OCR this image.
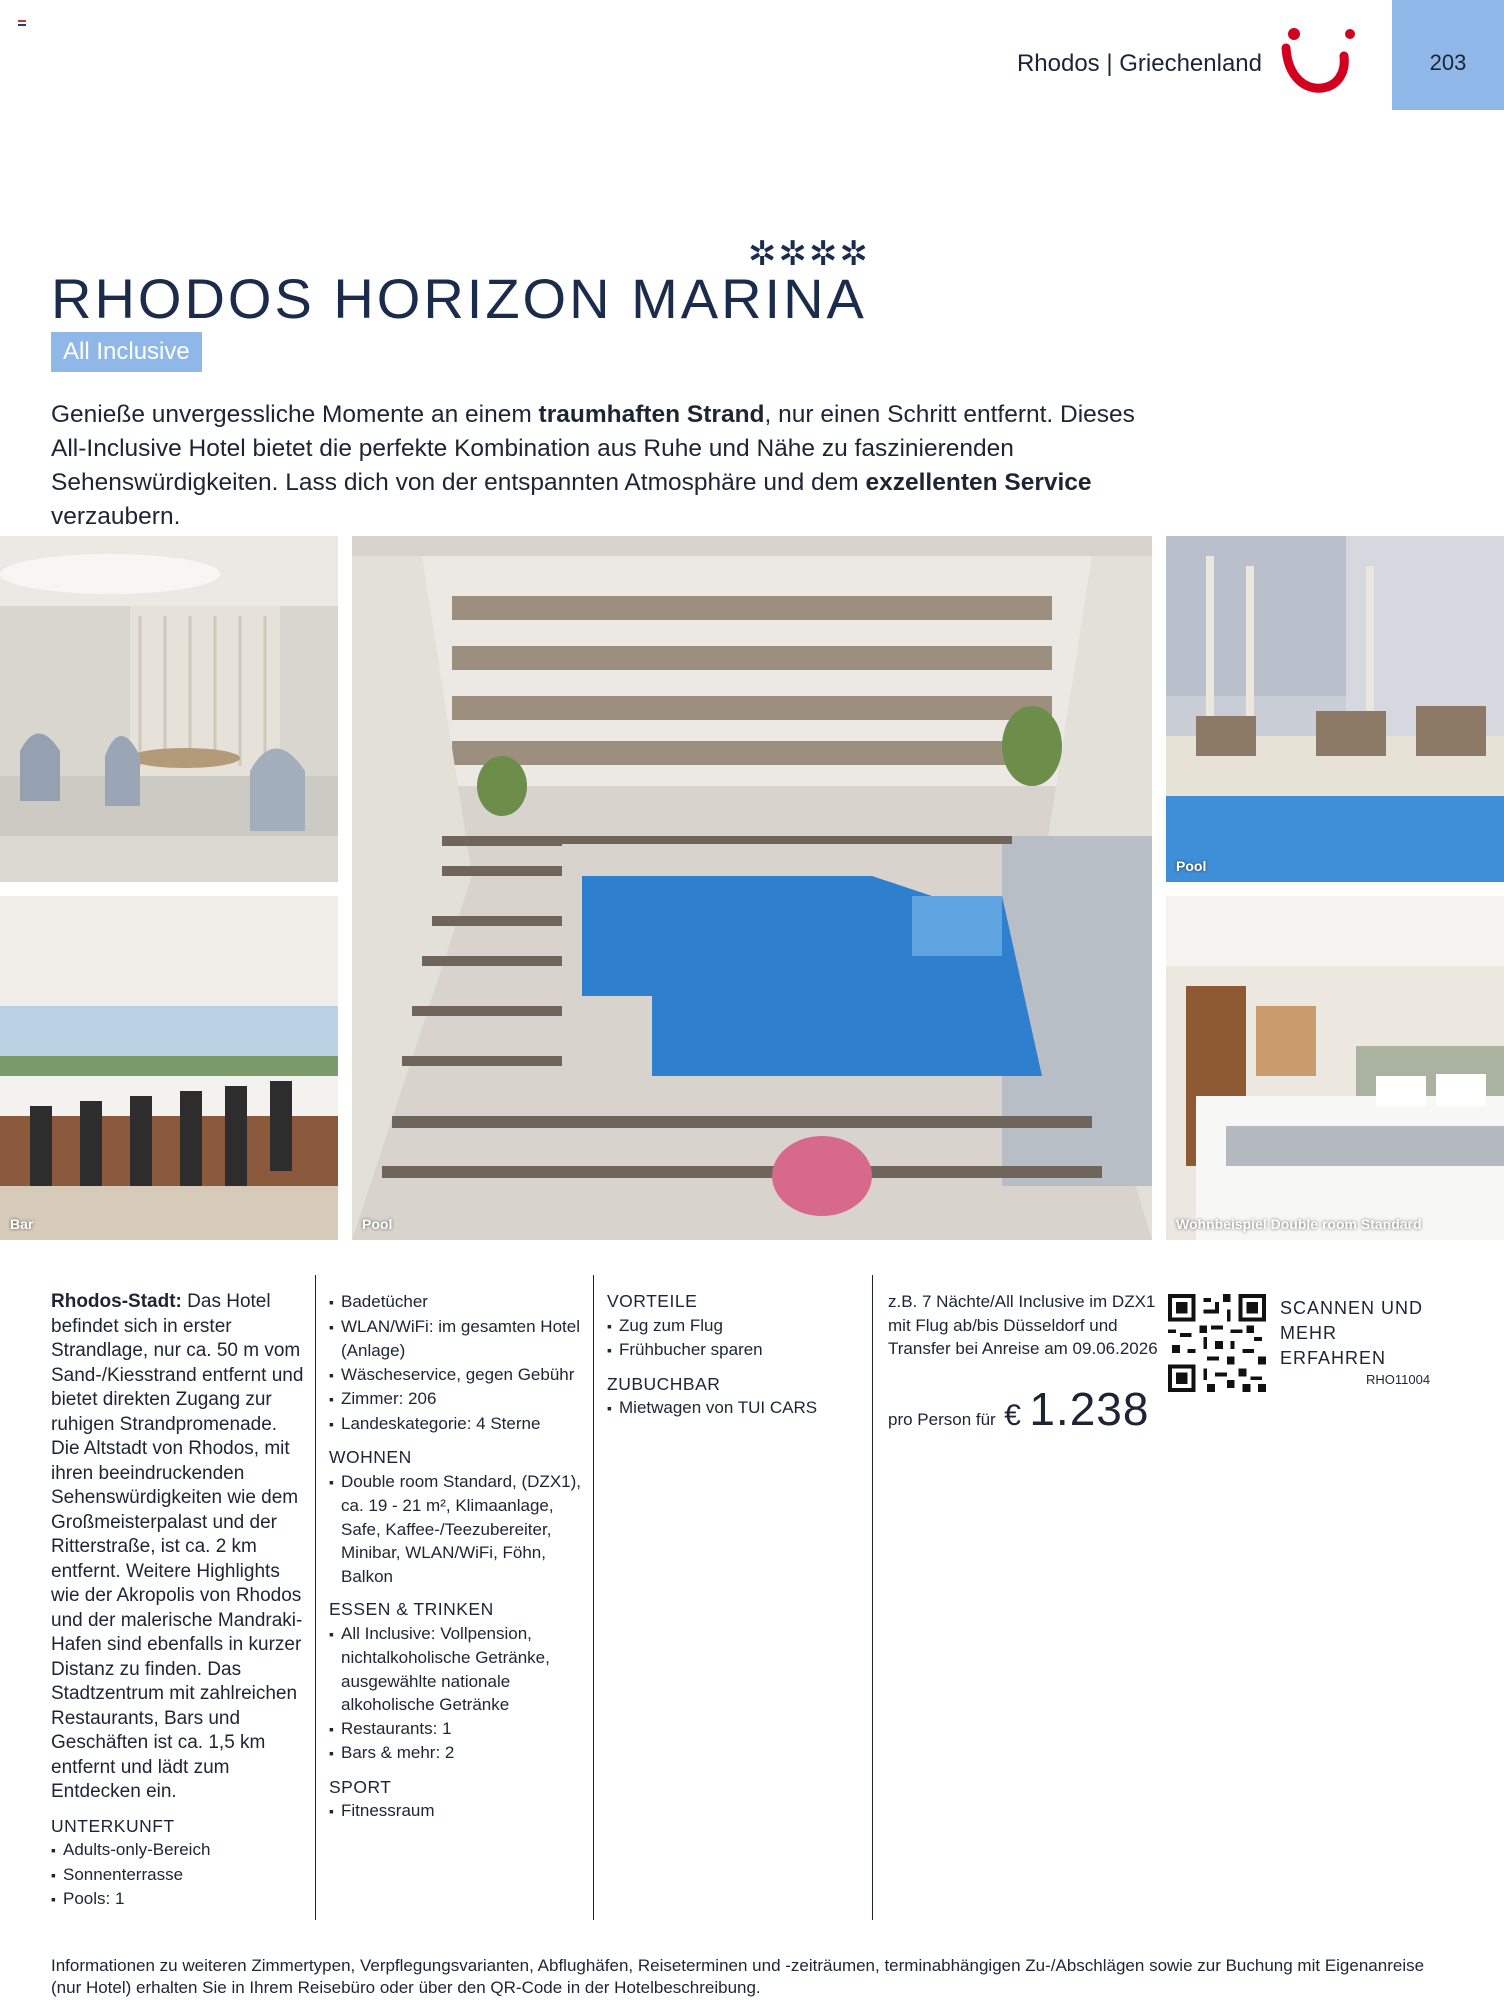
Rhodos | Griechenland	203
RHODOS HORIZON MARINA
✲✲✲✲
All Inclusive

Genieße unvergessliche Momente an einem traumhaften Strand, nur einen Schritt entfernt. Dieses All-Inclusive Hotel bietet die perfekte Kombination aus Ruhe und Nähe zu faszinierenden Sehenswürdigkeiten. Lass dich von der entspannten Atmosphäre und dem exzellenten Service verzaubern.

Bar	Pool
Pool
Wohnbeispiel Double room Standard

Rhodos-Stadt: Das Hotel befindet sich in erster Strandlage, nur ca. 50 m vom Sand-/Kiesstrand entfernt und bietet direkten Zugang zur ruhigen Strandpromenade. Die Altstadt von Rhodos, mit ihren beeindruckenden Sehenswürdigkeiten wie dem Großmeisterpalast und der Ritterstraße, ist ca. 2 km entfernt. Weitere Highlights wie der Akropolis von Rhodos und der malerische Mandraki-Hafen sind ebenfalls in kurzer Distanz zu finden. Das Stadtzentrum mit zahlreichen Restaurants, Bars und Geschäften ist ca. 1,5 km entfernt und lädt zum Entdecken ein.

UNTERKUNFT
▪ Adults-only-Bereich
▪ Sonnenterrasse
▪ Pools: 1
▪ Badetücher
▪ WLAN/WiFi: im gesamten Hotel (Anlage)
▪ Wäscheservice, gegen Gebühr
▪ Zimmer: 206
▪ Landeskategorie: 4 Sterne
WOHNEN
▪ Double room Standard, (DZX1), ca. 19 - 21 m², Klimaanlage, Safe, Kaffee-/Teezubereiter, Minibar, WLAN/WiFi, Föhn, Balkon
ESSEN & TRINKEN
▪ All Inclusive: Vollpension, nichtalkoholische Getränke, ausgewählte nationale alkoholische Getränke
▪ Restaurants: 1
▪ Bars & mehr: 2
SPORT
▪ Fitnessraum
VORTEILE
▪ Zug zum Flug
▪ Frühbucher sparen
ZUBUCHBAR
▪ Mietwagen von TUI CARS
z.B. 7 Nächte/All Inclusive im DZX1 mit Flug ab/bis Düsseldorf und Transfer bei Anreise am 09.06.2026
pro Person für € 1.238
SCANNEN UND MEHR ERFAHREN
RHO11004
Informationen zu weiteren Zimmertypen, Verpflegungsvarianten, Abflughäfen, Reiseterminen und -zeiträumen, terminabhängigen Zu-/Abschlägen sowie zur Buchung mit Eigenanreise (nur Hotel) erhalten Sie in Ihrem Reisebüro oder über den QR-Code in der Hotelbeschreibung.
